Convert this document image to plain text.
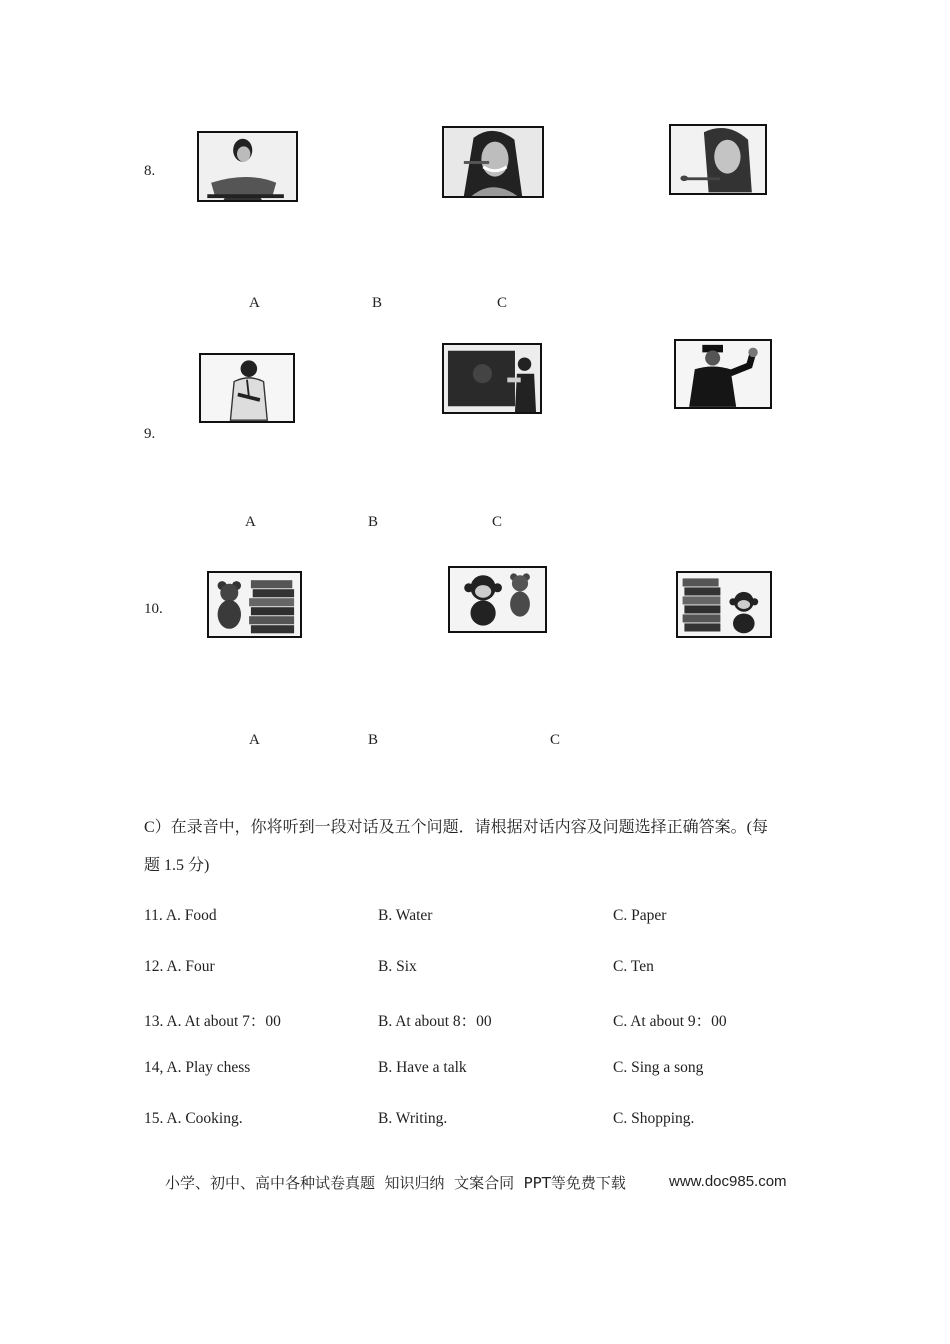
8.
A	B	C
9.
A	B	C
10.
A	B	C
C）在录音中，你将听到一段对话及五个问题．请根据对话内容及问题选择正确答案。(每
题 1.5 分)
11. A. Food	B. Water	C. Paper
12. A. Four	B. Six	C. Ten
13. A. At about 7：00	B. At about 8：00	C. At about 9：00
14, A. Play chess	B. Have a talk	C. Sing a song
15. A. Cooking.	B. Writing.	C. Shopping.
小学、初中、高中各种试卷真题  知识归纳  文案合同  PPT等免费下载	www.doc985.com
